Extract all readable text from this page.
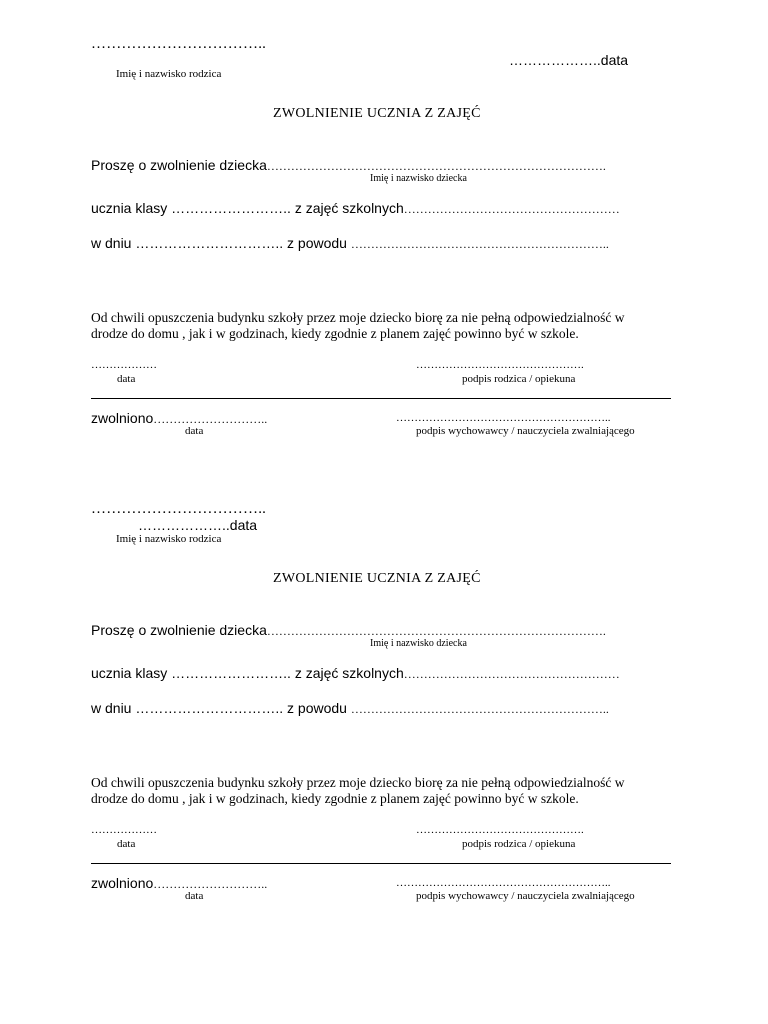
……………………………..
………………..data
Imię i nazwisko rodzica
ZWOLNIENIE UCZNIA Z ZAJĘĆ
Proszę o zwolnienie dziecka………………………………………………………………………….
Imię i nazwisko dziecka
ucznia klasy …………………….. z zajęć szkolnych………………………………………………
w dniu ………………………….. z powodu ………………………………………………………..
Od chwili opuszczenia budynku szkoły przez moje dziecko biorę za nie pełną odpowiedzialność w
drodze do domu , jak i w godzinach, kiedy zgodnie z planem zajęć powinno być w szkole.
………………
data
……………………………………….
podpis rodzica / opiekuna
zwolniono………………………..
data
…………………………………………………..
podpis wychowawcy / nauczyciela zwalniającego
……………………………..
………………..data
Imię i nazwisko rodzica
ZWOLNIENIE UCZNIA Z ZAJĘĆ
Proszę o zwolnienie dziecka………………………………………………………………………….
Imię i nazwisko dziecka
ucznia klasy …………………….. z zajęć szkolnych………………………………………………
w dniu ………………………….. z powodu ………………………………………………………..
Od chwili opuszczenia budynku szkoły przez moje dziecko biorę za nie pełną odpowiedzialność w
drodze do domu , jak i w godzinach, kiedy zgodnie z planem zajęć powinno być w szkole.
………………
data
……………………………………….
podpis rodzica / opiekuna
zwolniono………………………..
data
…………………………………………………..
podpis wychowawcy / nauczyciela zwalniającego
